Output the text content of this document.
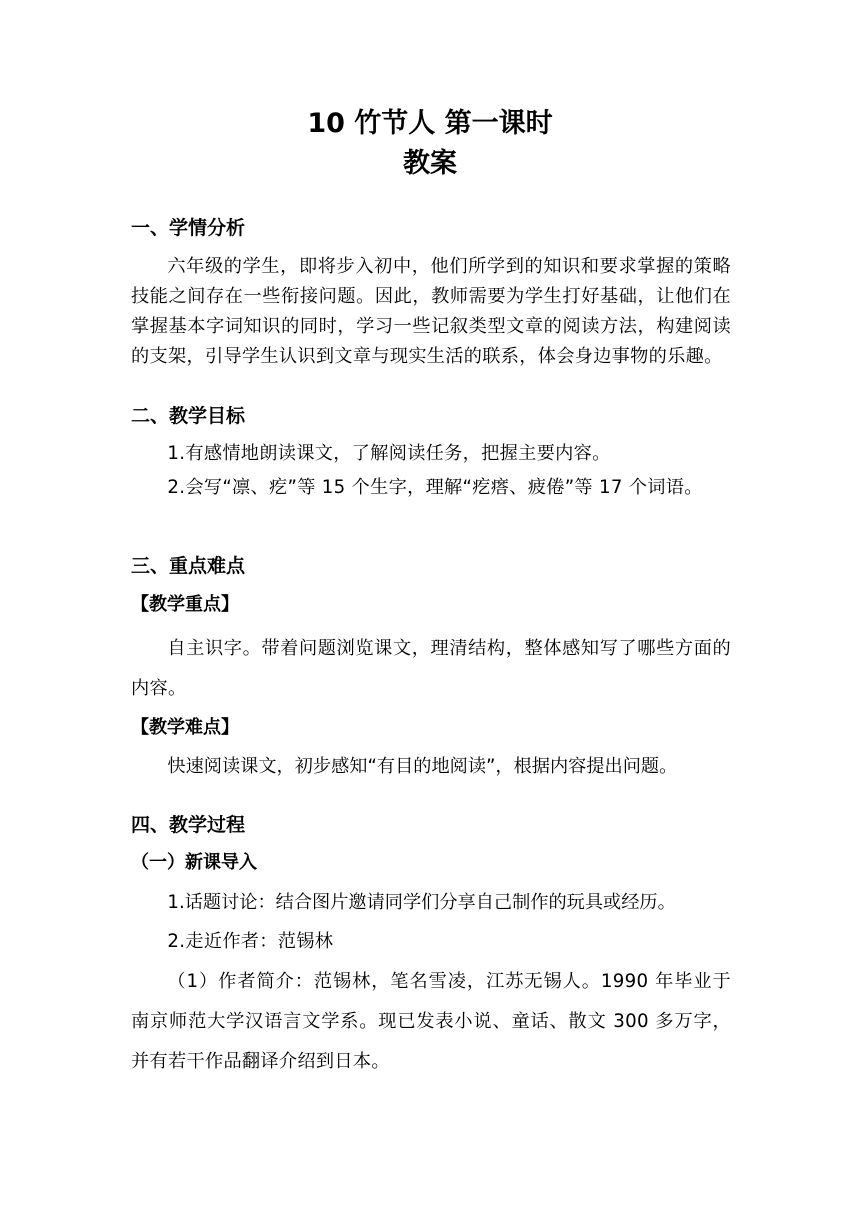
10 竹节人 第一课时
教案
一、学情分析

六年级的学生，即将步入初中，他们所学到的知识和要求掌握的策略技能之间存在一些衔接问题。因此，教师需要为学生打好基础，让他们在掌握基本字词知识的同时，学习一些记叙类型文章的阅读方法，构建阅读的支架，引导学生认识到文章与现实生活的联系，体会身边事物的乐趣。

二、教学目标

1.有感情地朗读课文，了解阅读任务，把握主要内容。

2.会写“凛、疙”等 15 个生字，理解“疙瘩、疲倦”等 17 个词语。

三、重点难点
【教学重点】

自主识字。带着问题浏览课文，理清结构，整体感知写了哪些方面的内容。

【教学难点】

快速阅读课文，初步感知“有目的地阅读”，根据内容提出问题。

四、教学过程
（一）新课导入

1.话题讨论：结合图片邀请同学们分享自己制作的玩具或经历。

2.走近作者：范锡林

（1）作者简介：范锡林，笔名雪凌，江苏无锡人。1990 年毕业于南京师范大学汉语言文学系。现已发表小说、童话、散文 300 多万字，并有若干作品翻译介绍到日本。
